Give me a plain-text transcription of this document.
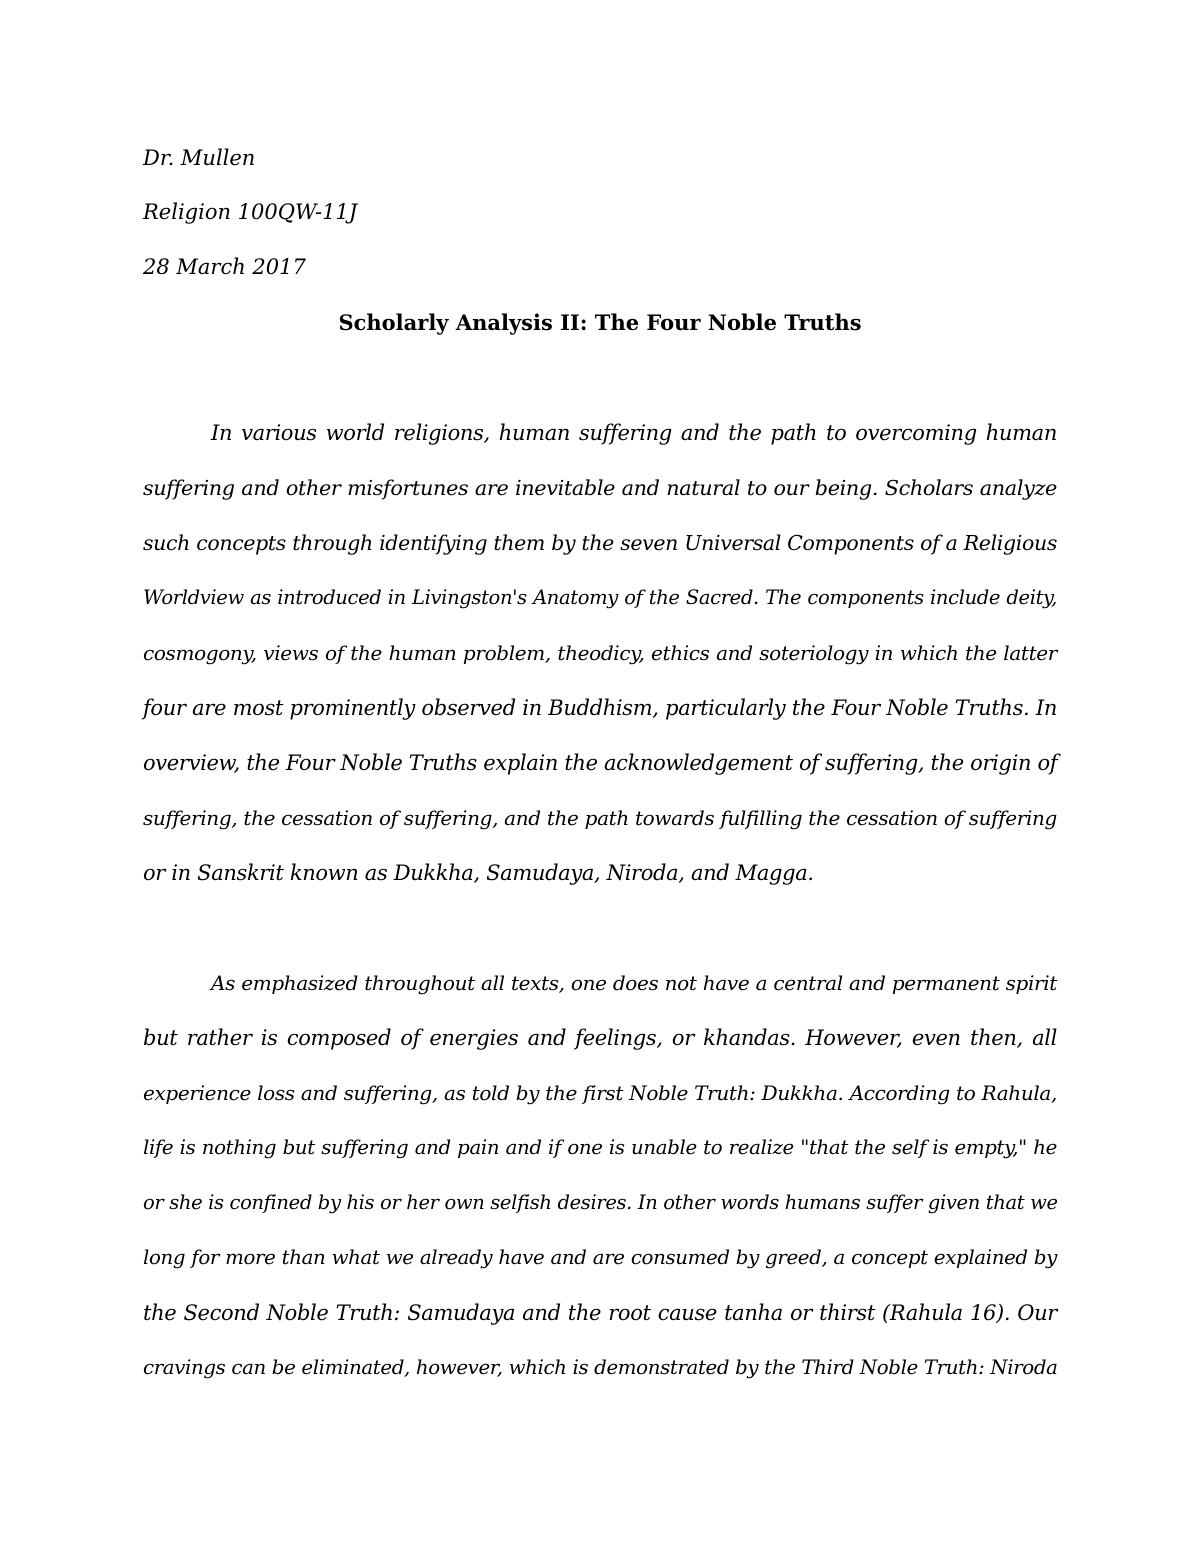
Dr. Mullen
Religion 100QW-11J
28 March 2017
Scholarly Analysis II: The Four Noble Truths
In various world religions, human suffering and the path to overcoming human
suffering and other misfortunes are inevitable and natural to our being. Scholars analyze
such concepts through identifying them by the seven Universal Components of a Religious
Worldview as introduced in Livingston's Anatomy of the Sacred. The components include deity,
cosmogony, views of the human problem, theodicy, ethics and soteriology in which the latter
four are most prominently observed in Buddhism, particularly the Four Noble Truths. In
overview, the Four Noble Truths explain the acknowledgement of suffering, the origin of
suffering, the cessation of suffering, and the path towards fulfilling the cessation of suffering
or in Sanskrit known as Dukkha, Samudaya, Niroda, and Magga.
As emphasized throughout all texts, one does not have a central and permanent spirit
but rather is composed of energies and feelings, or khandas. However, even then, all
experience loss and suffering, as told by the first Noble Truth: Dukkha. According to Rahula,
life is nothing but suffering and pain and if one is unable to realize "that the self is empty," he
or she is confined by his or her own selfish desires. In other words humans suffer given that we
long for more than what we already have and are consumed by greed, a concept explained by
the Second Noble Truth: Samudaya and the root cause tanha or thirst (Rahula 16). Our
cravings can be eliminated, however, which is demonstrated by the Third Noble Truth: Niroda
